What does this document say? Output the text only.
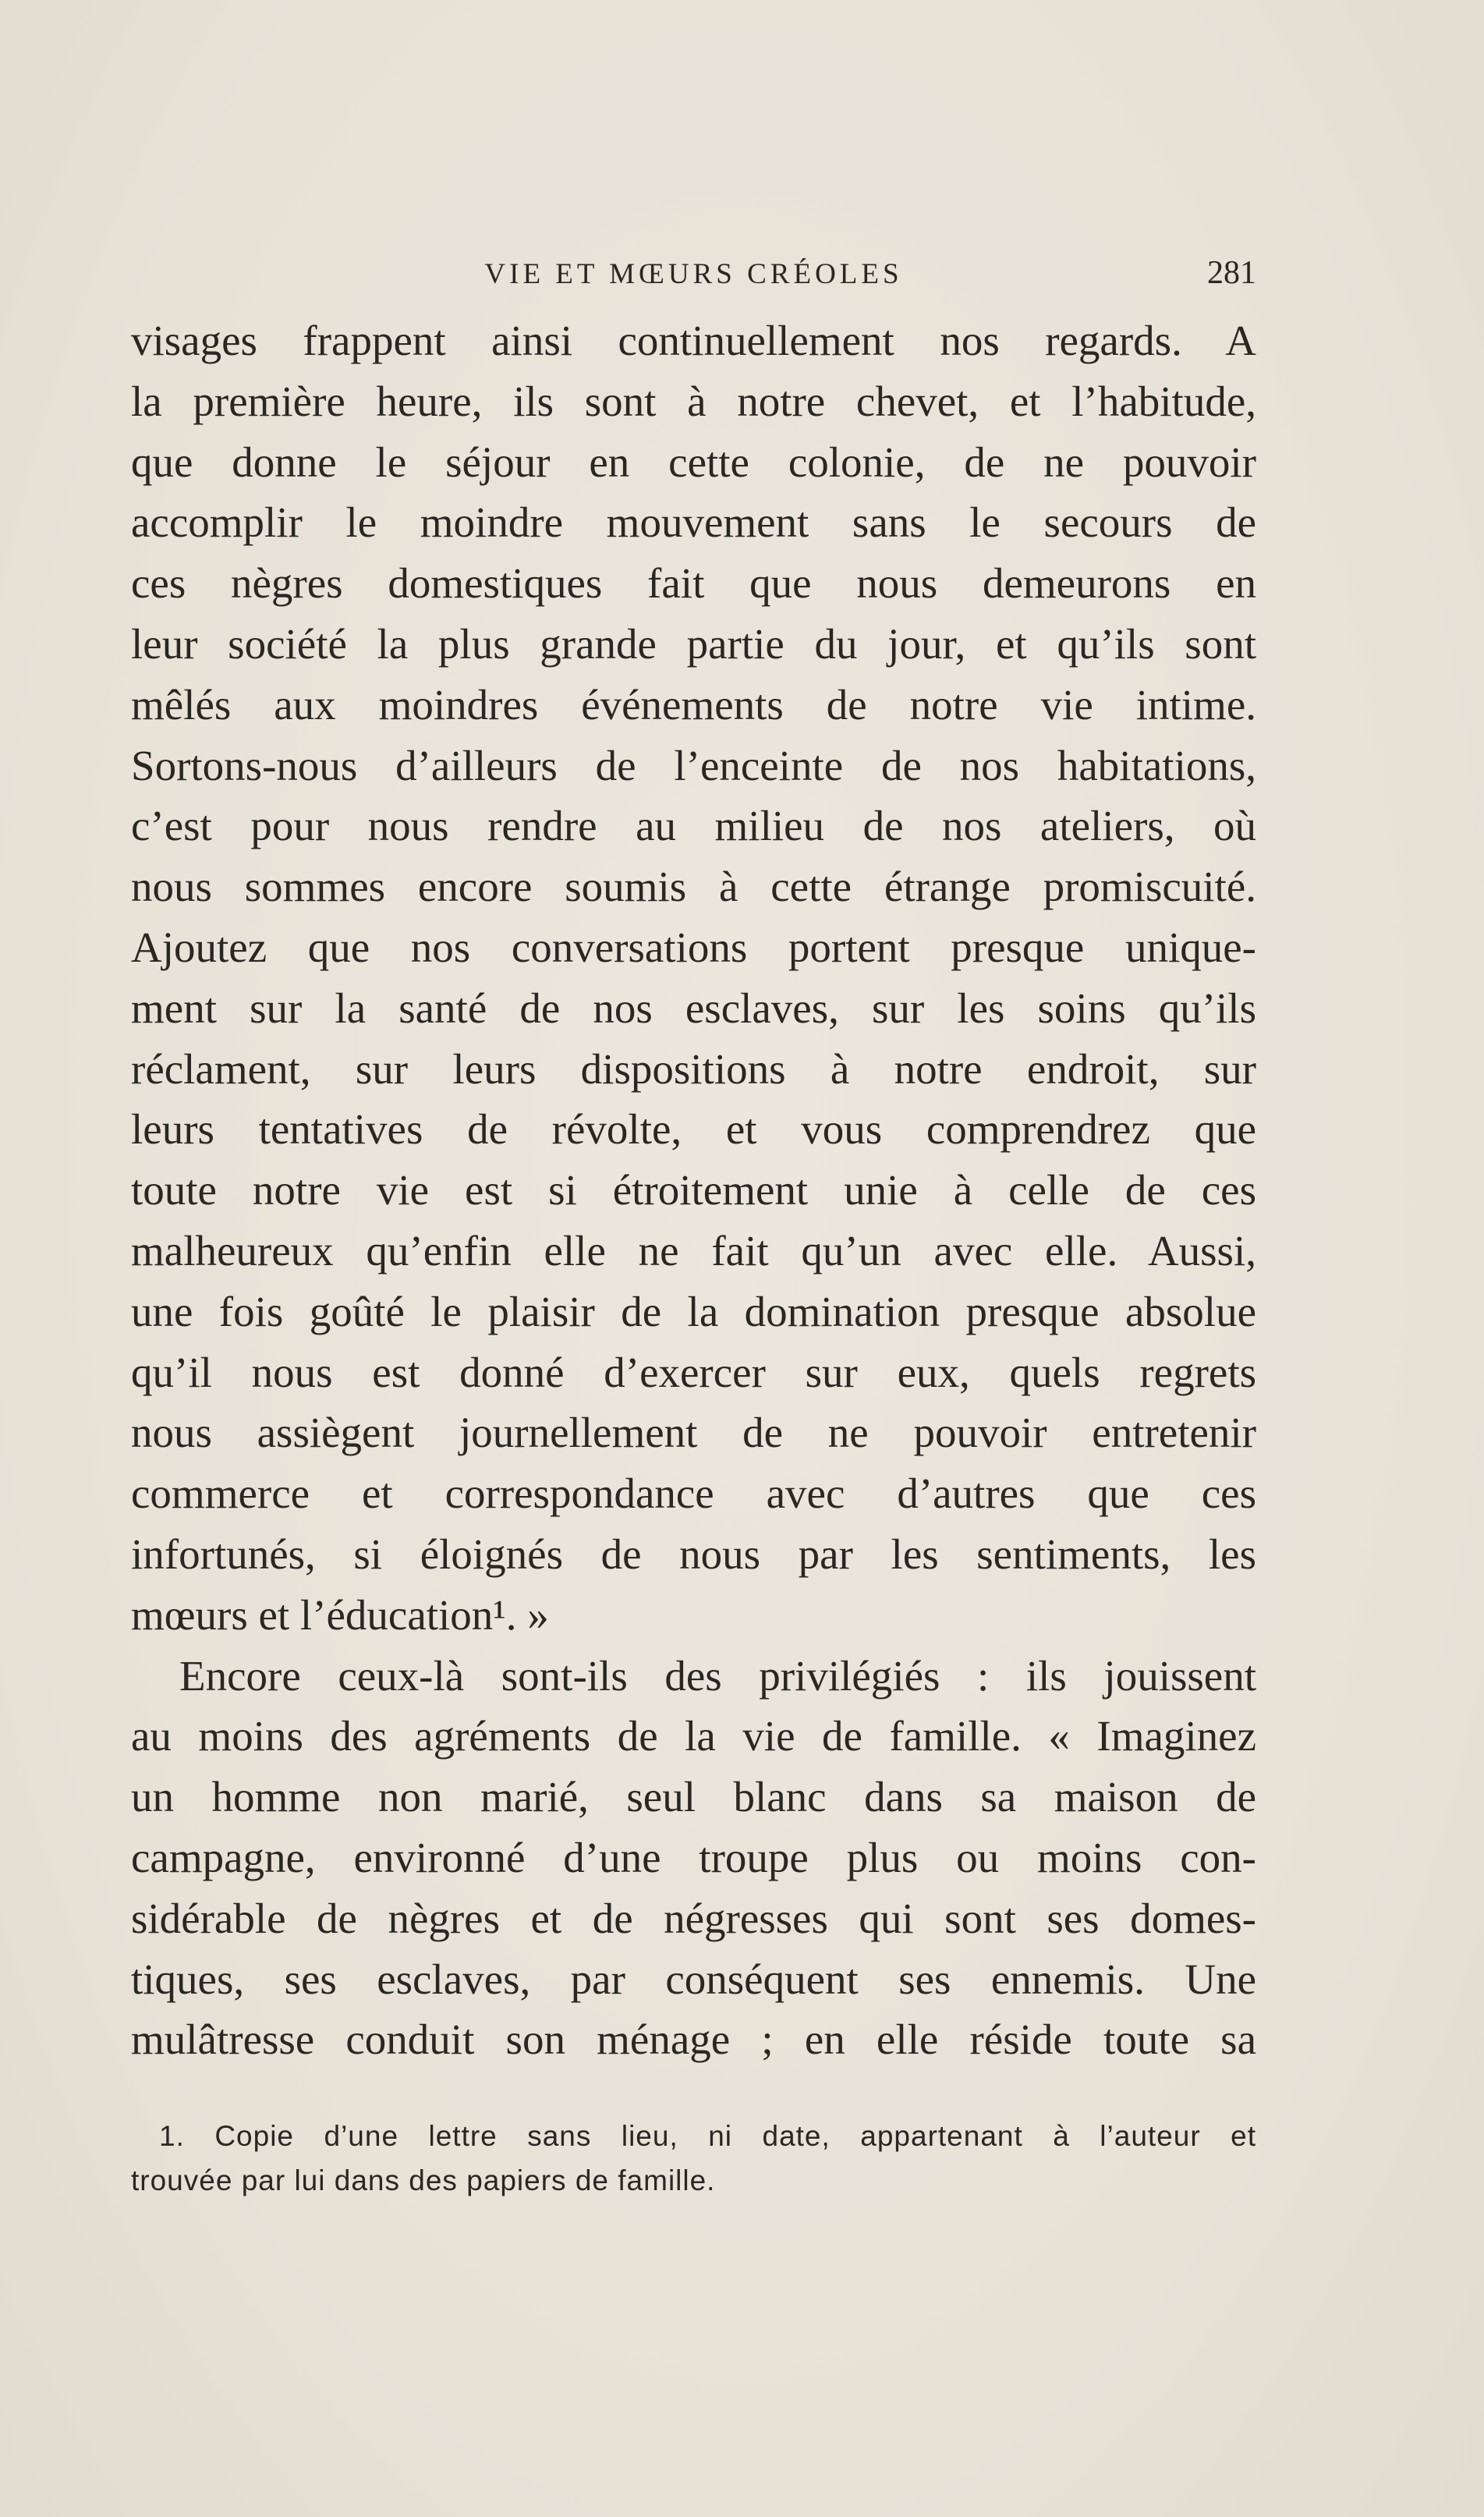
VIE ET MŒURS CRÉOLES	281
visages frappent ainsi continuellement nos regards. A
la première heure, ils sont à notre chevet, et l’habitude,
que donne le séjour en cette colonie, de ne pouvoir
accomplir le moindre mouvement sans le secours de
ces nègres domestiques fait que nous demeurons en
leur société la plus grande partie du jour, et qu’ils sont
mêlés aux moindres événements de notre vie intime.
Sortons-nous d’ailleurs de l’enceinte de nos habitations,
c’est pour nous rendre au milieu de nos ateliers, où
nous sommes encore soumis à cette étrange promiscuité.
Ajoutez que nos conversations portent presque unique-
ment sur la santé de nos esclaves, sur les soins qu’ils
réclament, sur leurs dispositions à notre endroit, sur
leurs tentatives de révolte, et vous comprendrez que
toute notre vie est si étroitement unie à celle de ces
malheureux qu’enfin elle ne fait qu’un avec elle. Aussi,
une fois goûté le plaisir de la domination presque absolue
qu’il nous est donné d’exercer sur eux, quels regrets
nous assiègent journellement de ne pouvoir entretenir
commerce et correspondance avec d’autres que ces
infortunés, si éloignés de nous par les sentiments, les
mœurs et l’éducation¹. »
Encore ceux-là sont-ils des privilégiés : ils jouissent
au moins des agréments de la vie de famille. « Imaginez
un homme non marié, seul blanc dans sa maison de
campagne, environné d’une troupe plus ou moins con-
sidérable de nègres et de négresses qui sont ses domes-
tiques, ses esclaves, par conséquent ses ennemis. Une
mulâtresse conduit son ménage ; en elle réside toute sa
1. Copie d’une lettre sans lieu, ni date, appartenant à l’auteur et
trouvée par lui dans des papiers de famille.
